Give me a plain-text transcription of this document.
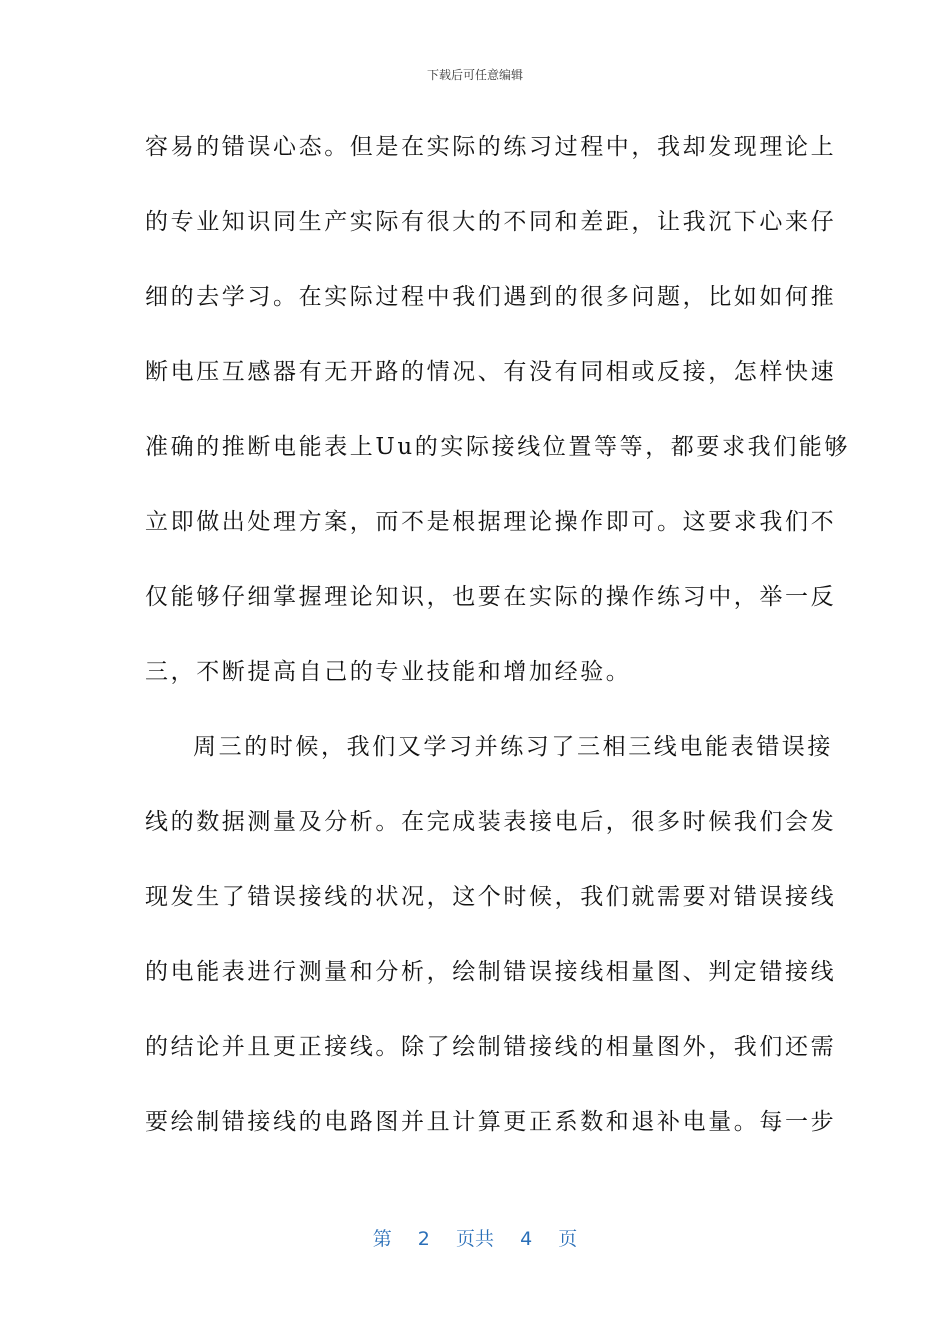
下载后可任意编辑
容易的错误心态。但是在实际的练习过程中，我却发现理论上
的专业知识同生产实际有很大的不同和差距，让我沉下心来仔
细的去学习。在实际过程中我们遇到的很多问题，比如如何推
断电压互感器有无开路的情况、有没有同相或反接，怎样快速
准确的推断电能表上Uu的实际接线位置等等，都要求我们能够
立即做出处理方案，而不是根据理论操作即可。这要求我们不
仅能够仔细掌握理论知识，也要在实际的操作练习中，举一反
三，不断提高自己的专业技能和增加经验。
周三的时候，我们又学习并练习了三相三线电能表错误接
线的数据测量及分析。在完成装表接电后，很多时候我们会发
现发生了错误接线的状况，这个时候，我们就需要对错误接线
的电能表进行测量和分析，绘制错误接线相量图、判定错接线
的结论并且更正接线。除了绘制错接线的相量图外，我们还需
要绘制错接线的电路图并且计算更正系数和退补电量。每一步
第 2 页共 4 页
